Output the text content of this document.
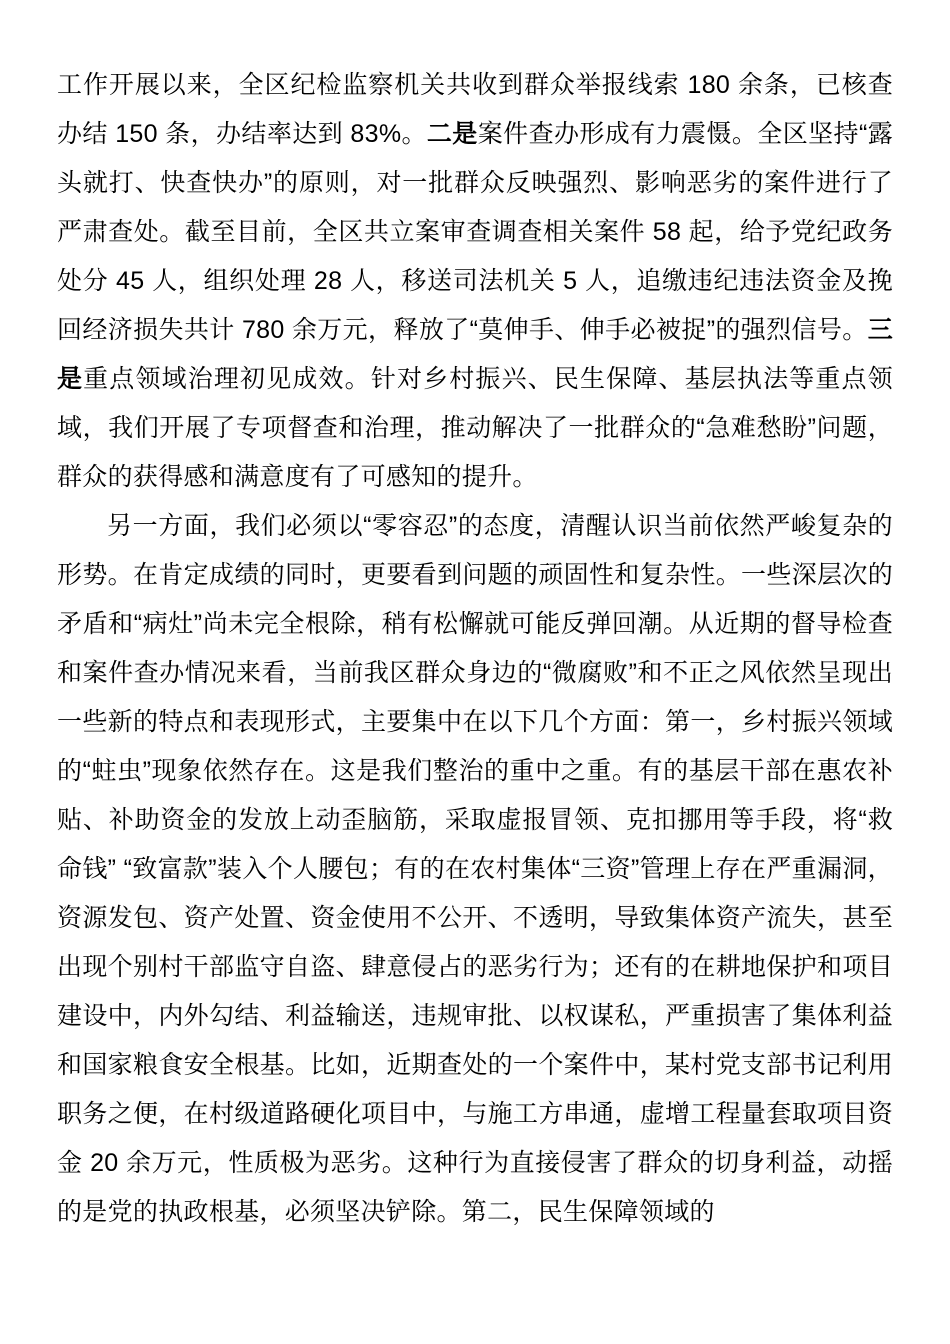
工作开展以来，全区纪检监察机关共收到群众举报线索 180 余条，已核查办结 150 条，办结率达到 83%。二是案件查办形成有力震慑。全区坚持“露头就打、快查快办”的原则，对一批群众反映强烈、影响恶劣的案件进行了严肃查处。截至目前，全区共立案审查调查相关案件 58 起，给予党纪政务处分 45 人，组织处理 28 人，移送司法机关 5 人，追缴违纪违法资金及挽回经济损失共计 780 余万元，释放了“莫伸手、伸手必被捉”的强烈信号。三是重点领域治理初见成效。针对乡村振兴、民生保障、基层执法等重点领域，我们开展了专项督查和治理，推动解决了一批群众的“急难愁盼”问题，群众的获得感和满意度有了可感知的提升。

另一方面，我们必须以“零容忍”的态度，清醒认识当前依然严峻复杂的形势。在肯定成绩的同时，更要看到问题的顽固性和复杂性。一些深层次的矛盾和“病灶”尚未完全根除，稍有松懈就可能反弹回潮。从近期的督导检查和案件查办情况来看，当前我区群众身边的“微腐败”和不正之风依然呈现出一些新的特点和表现形式，主要集中在以下几个方面：第一，乡村振兴领域的“蛀虫”现象依然存在。这是我们整治的重中之重。有的基层干部在惠农补贴、补助资金的发放上动歪脑筋，采取虚报冒领、克扣挪用等手段，将“救命钱” “致富款”装入个人腰包；有的在农村集体“三资”管理上存在严重漏洞，资源发包、资产处置、资金使用不公开、不透明，导致集体资产流失，甚至出现个别村干部监守自盗、肆意侵占的恶劣行为；还有的在耕地保护和项目建设中，内外勾结、利益输送，违规审批、以权谋私，严重损害了集体利益和国家粮食安全根基。比如，近期查处的一个案件中，某村党支部书记利用职务之便，在村级道路硬化项目中，与施工方串通，虚增工程量套取项目资金 20 余万元，性质极为恶劣。这种行为直接侵害了群众的切身利益，动摇的是党的执政根基，必须坚决铲除。第二，民生保障领域的
